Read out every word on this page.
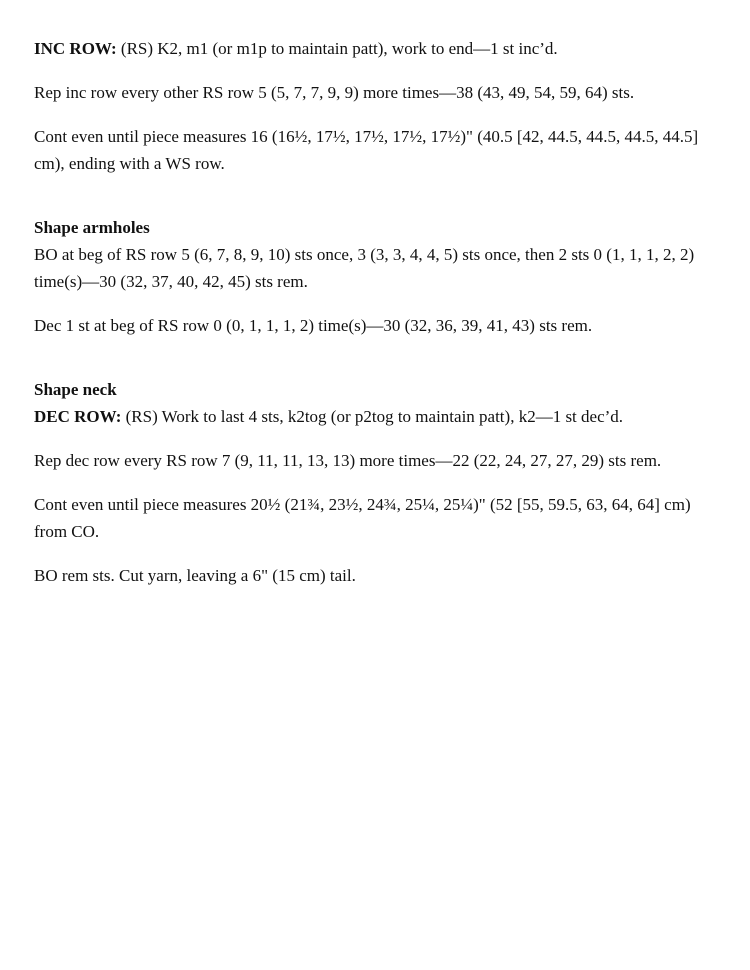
INC ROW: (RS) K2, m1 (or m1p to maintain patt), work to end—1 st inc’d.

Rep inc row every other RS row 5 (5, 7, 7, 9, 9) more times—38 (43, 49, 54, 59, 64) sts.

Cont even until piece measures 16 (16½, 17½, 17½, 17½, 17½)" (40.5 [42, 44.5, 44.5, 44.5, 44.5] cm), ending with a WS row.

Shape armholes

BO at beg of RS row 5 (6, 7, 8, 9, 10) sts once, 3 (3, 3, 4, 4, 5) sts once, then 2 sts 0 (1, 1, 1, 2, 2) time(s)—30 (32, 37, 40, 42, 45) sts rem.

Dec 1 st at beg of RS row 0 (0, 1, 1, 1, 2) time(s)—30 (32, 36, 39, 41, 43) sts rem.

Shape neck

DEC ROW: (RS) Work to last 4 sts, k2tog (or p2tog to maintain patt), k2—1 st dec’d.

Rep dec row every RS row 7 (9, 11, 11, 13, 13) more times—22 (22, 24, 27, 27, 29) sts rem.

Cont even until piece measures 20½ (21¾, 23½, 24¾, 25¼, 25¼)" (52 [55, 59.5, 63, 64, 64] cm) from CO.

BO rem sts. Cut yarn, leaving a 6" (15 cm) tail.
